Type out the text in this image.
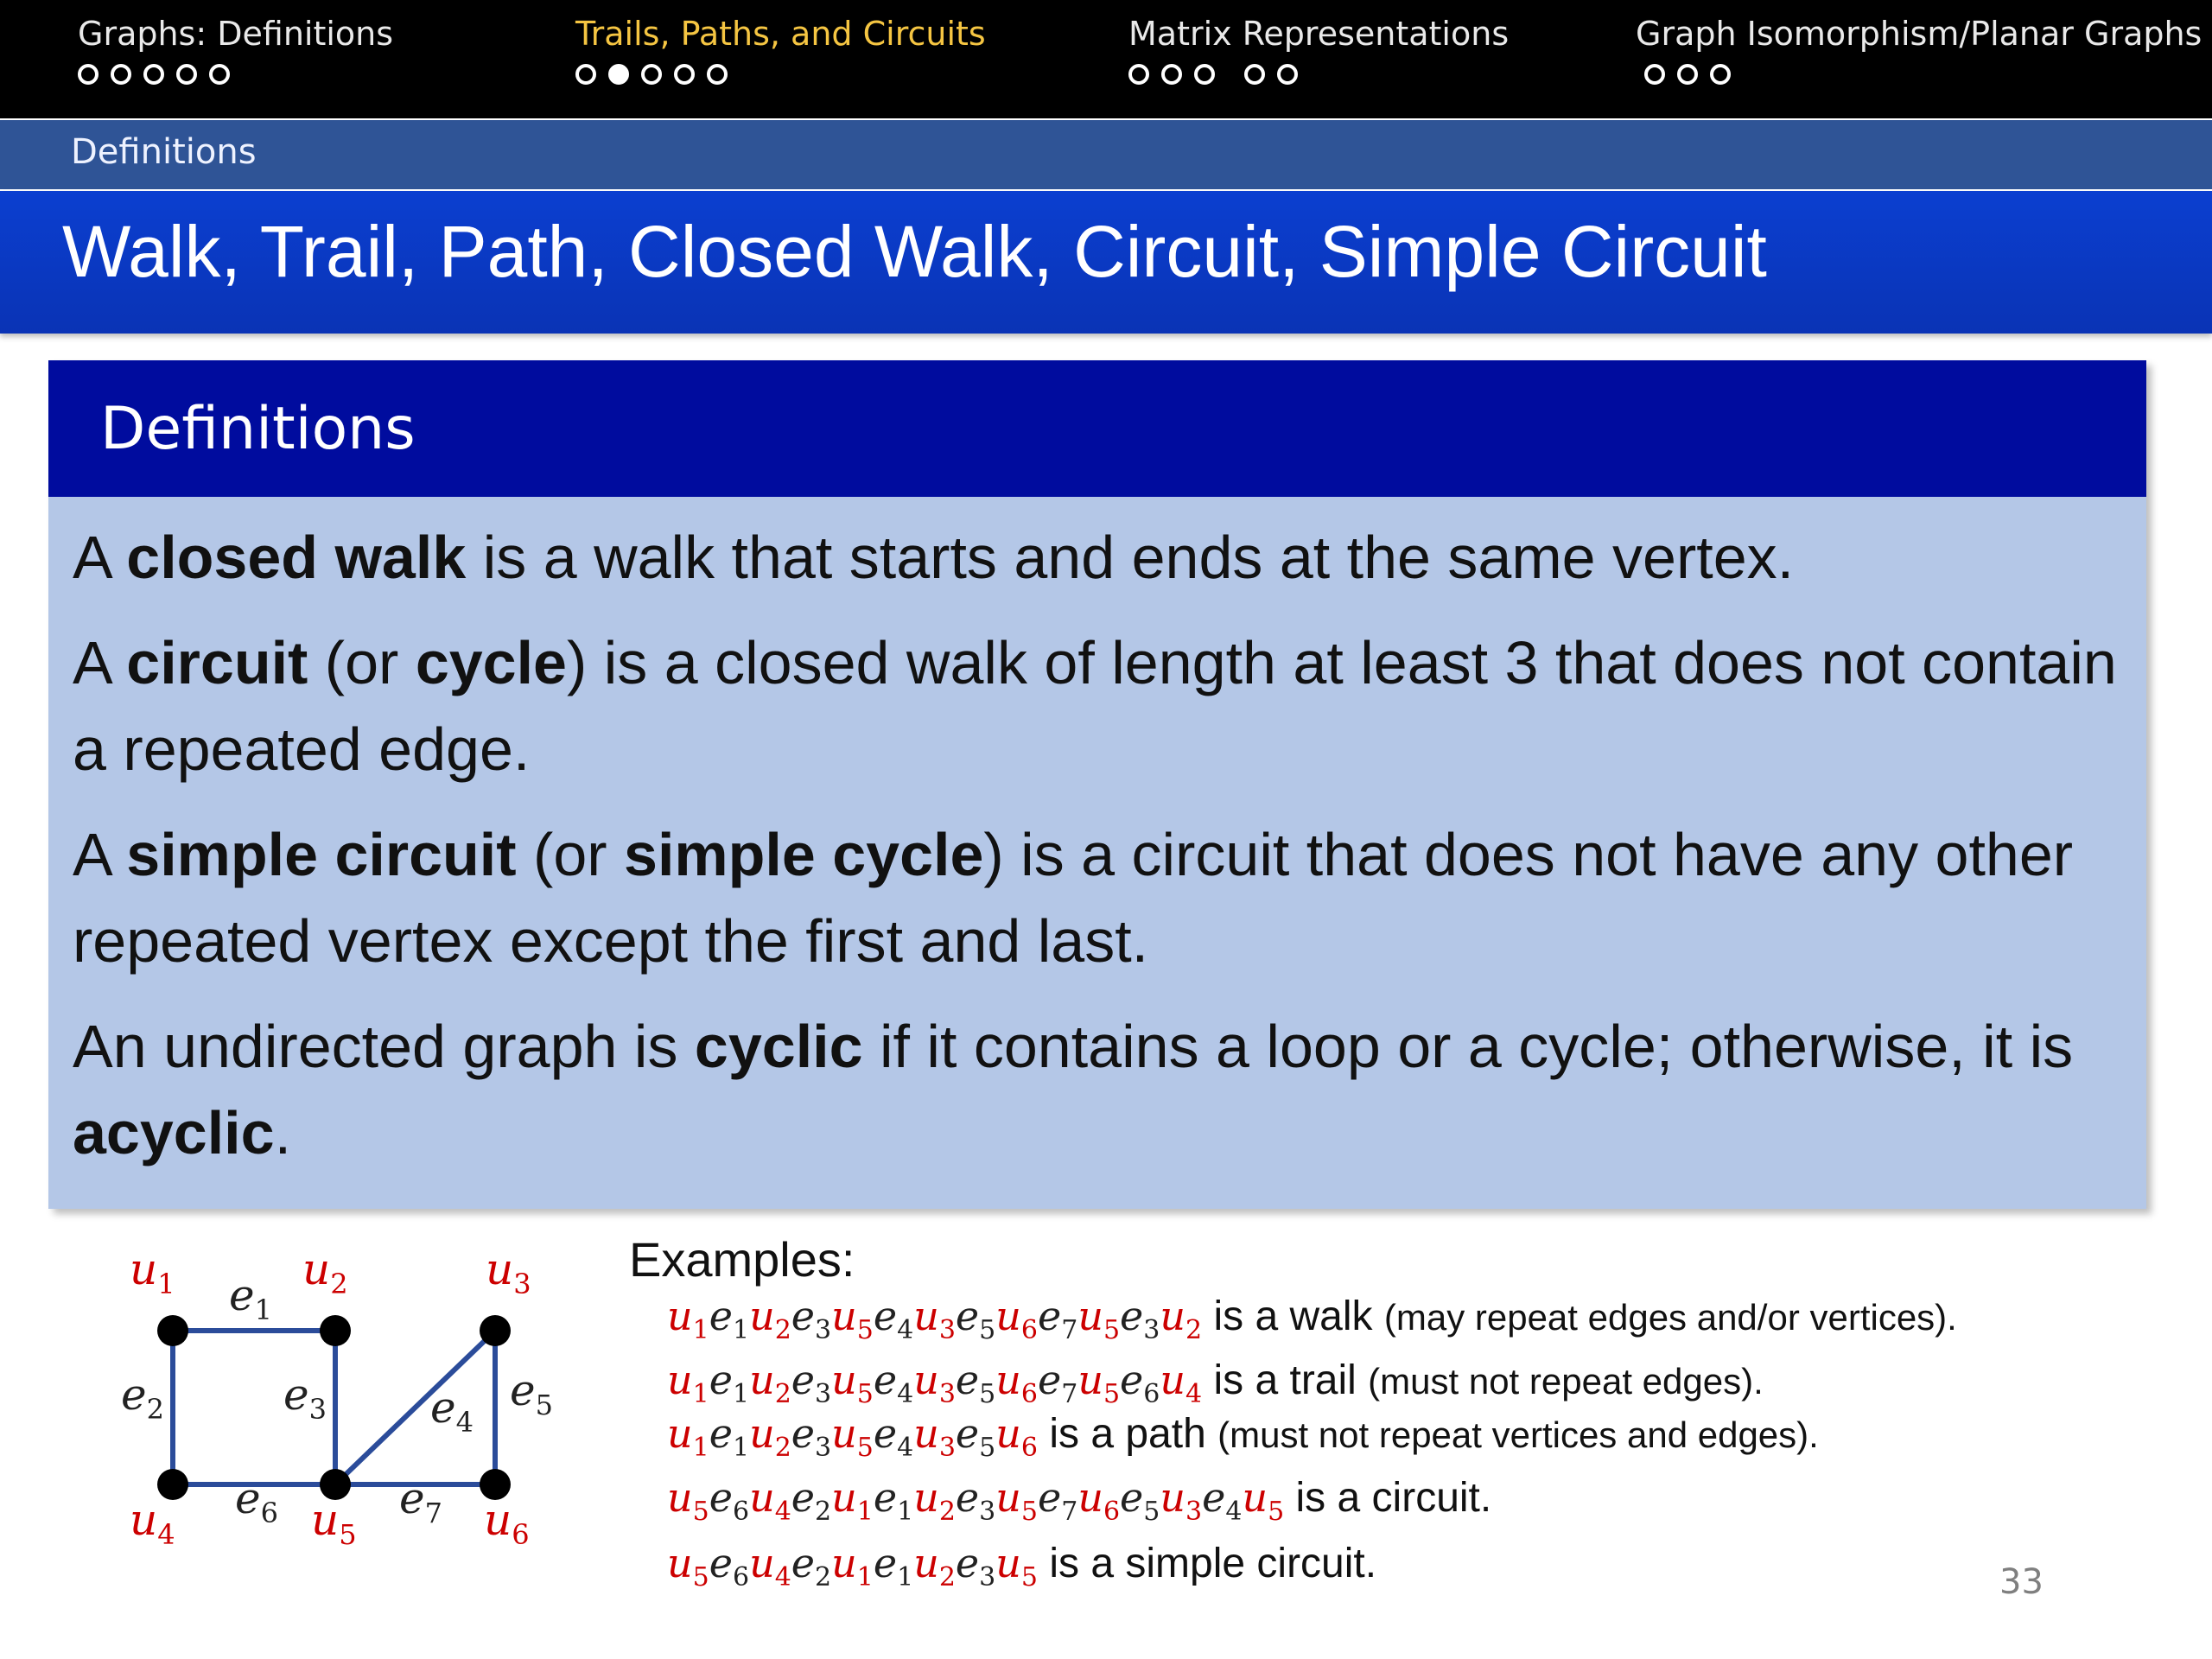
Graphs: Definitions	Trails, Paths, and Circuits	Matrix Representations	Graph Isomorphism/Planar Graphs
Definitions
Walk, Trail, Path, Closed Walk, Circuit, Simple Circuit
Definitions

A closed walk is a walk that starts and ends at the same vertex.

A circuit (or cycle) is a closed walk of length at least 3 that does not contain a repeated edge.

A simple circuit (or simple cycle) is a circuit that does not have any other repeated vertex except the first and last.

An undirected graph is cyclic if it contains a loop or a cycle; otherwise, it is acyclic.

$u_1$	$u_2$	$u_3$
$u_4$	$u_5$	$u_6$
$e_1$
$e_2$	$e_3$ $e_4$
$e_5$
$e_6$	$e_7$

Examples:

$u_1e_1u_2e_3u_5e_4u_3e_5u_6e_7u_5e_3u_2$ is a walk (may repeat edges and/or vertices).
$u_1e_1u_2e_3u_5e_4u_3e_5u_6e_7u_5e_6u_4$ is a trail (must not repeat edges).
$u_1e_1u_2e_3u_5e_4u_3e_5u_6$ is a path (must not repeat vertices and edges).
$u_5e_6u_4e_2u_1e_1u_2e_3u_5e_7u_6e_5u_3e_4u_5$ is a circuit.
$u_5e_6u_4e_2u_1e_1u_2e_3u_5$ is a simple circuit.	33
